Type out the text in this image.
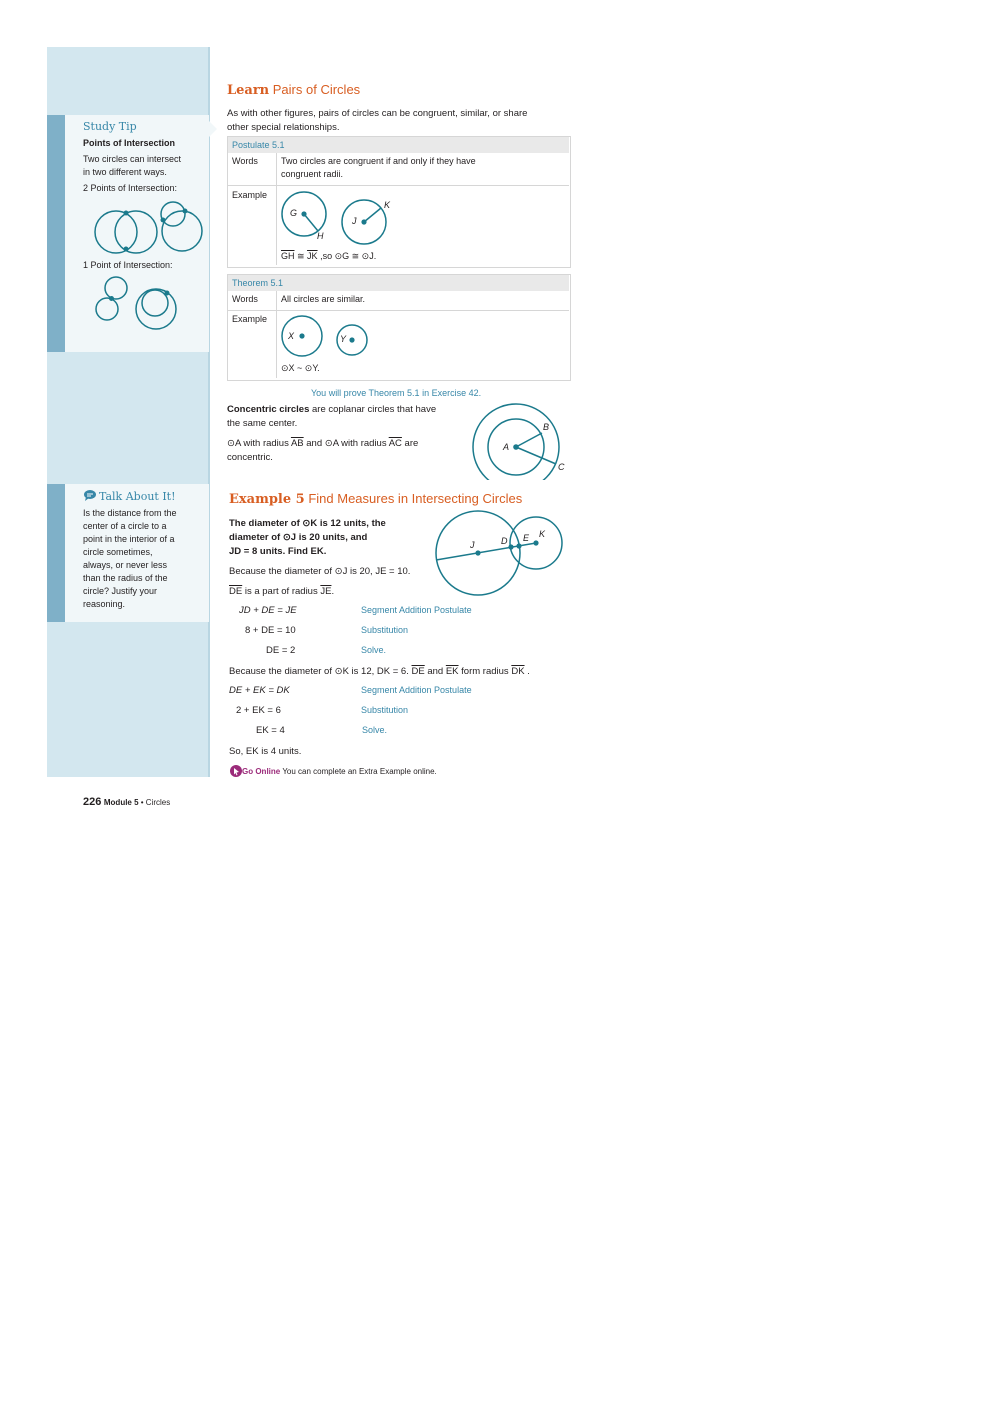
Study Tip
Points of Intersection
Two circles can intersect
in two different ways.
2 Points of Intersection:
1 Point of Intersection:
Talk About It!
Is the distance from the
center of a circle to a
point in the interior of a
circle sometimes,
always, or never less
than the radius of the
circle? Justify your
reasoning.
Learn Pairs of Circles
As with other figures, pairs of circles can be congruent, similar, or share
other special relationships.
Postulate 5.1
Words	Two circles are congruent if and only if they have
congruent radii.
Example
G
H
J
K
$\overline{GH}$ ≅ $\overline{JK}$ ,so ⊙G ≅ ⊙J.
Theorem 5.1
Words	All circles are similar.
Example
X	Y
⊙X ~ ⊙Y.
You will prove Theorem 5.1 in Exercise 42.
Concentric circles are coplanar circles that have
the same center.
⊙A with radius $\overline{AB}$ and ⊙A with radius $\overline{AC}$ are
concentric.
A
B
C
Example 5 Find Measures in Intersecting Circles
The diameter of ⊙K is 12 units, the
diameter of ⊙J is 20 units, and
JD = 8 units. Find EK.
J	D E K
Because the diameter of ⊙J is 20, JE = 10.
$\overline{DE}$ is a part of radius $\overline{JE}$.
JD + DE = JE	Segment Addition Postulate
8 + DE = 10	Substitution
DE = 2	Solve.
Because the diameter of ⊙K is 12, DK = 6. $\overline{DE}$ and $\overline{EK}$ form radius $\overline{DK}$ .
DE + EK = DK	Segment Addition Postulate
2 + EK = 6	Substitution
EK = 4	Solve.
So, EK is 4 units.
Go Online You can complete an Extra Example online.
226 Module 5 • Circles
